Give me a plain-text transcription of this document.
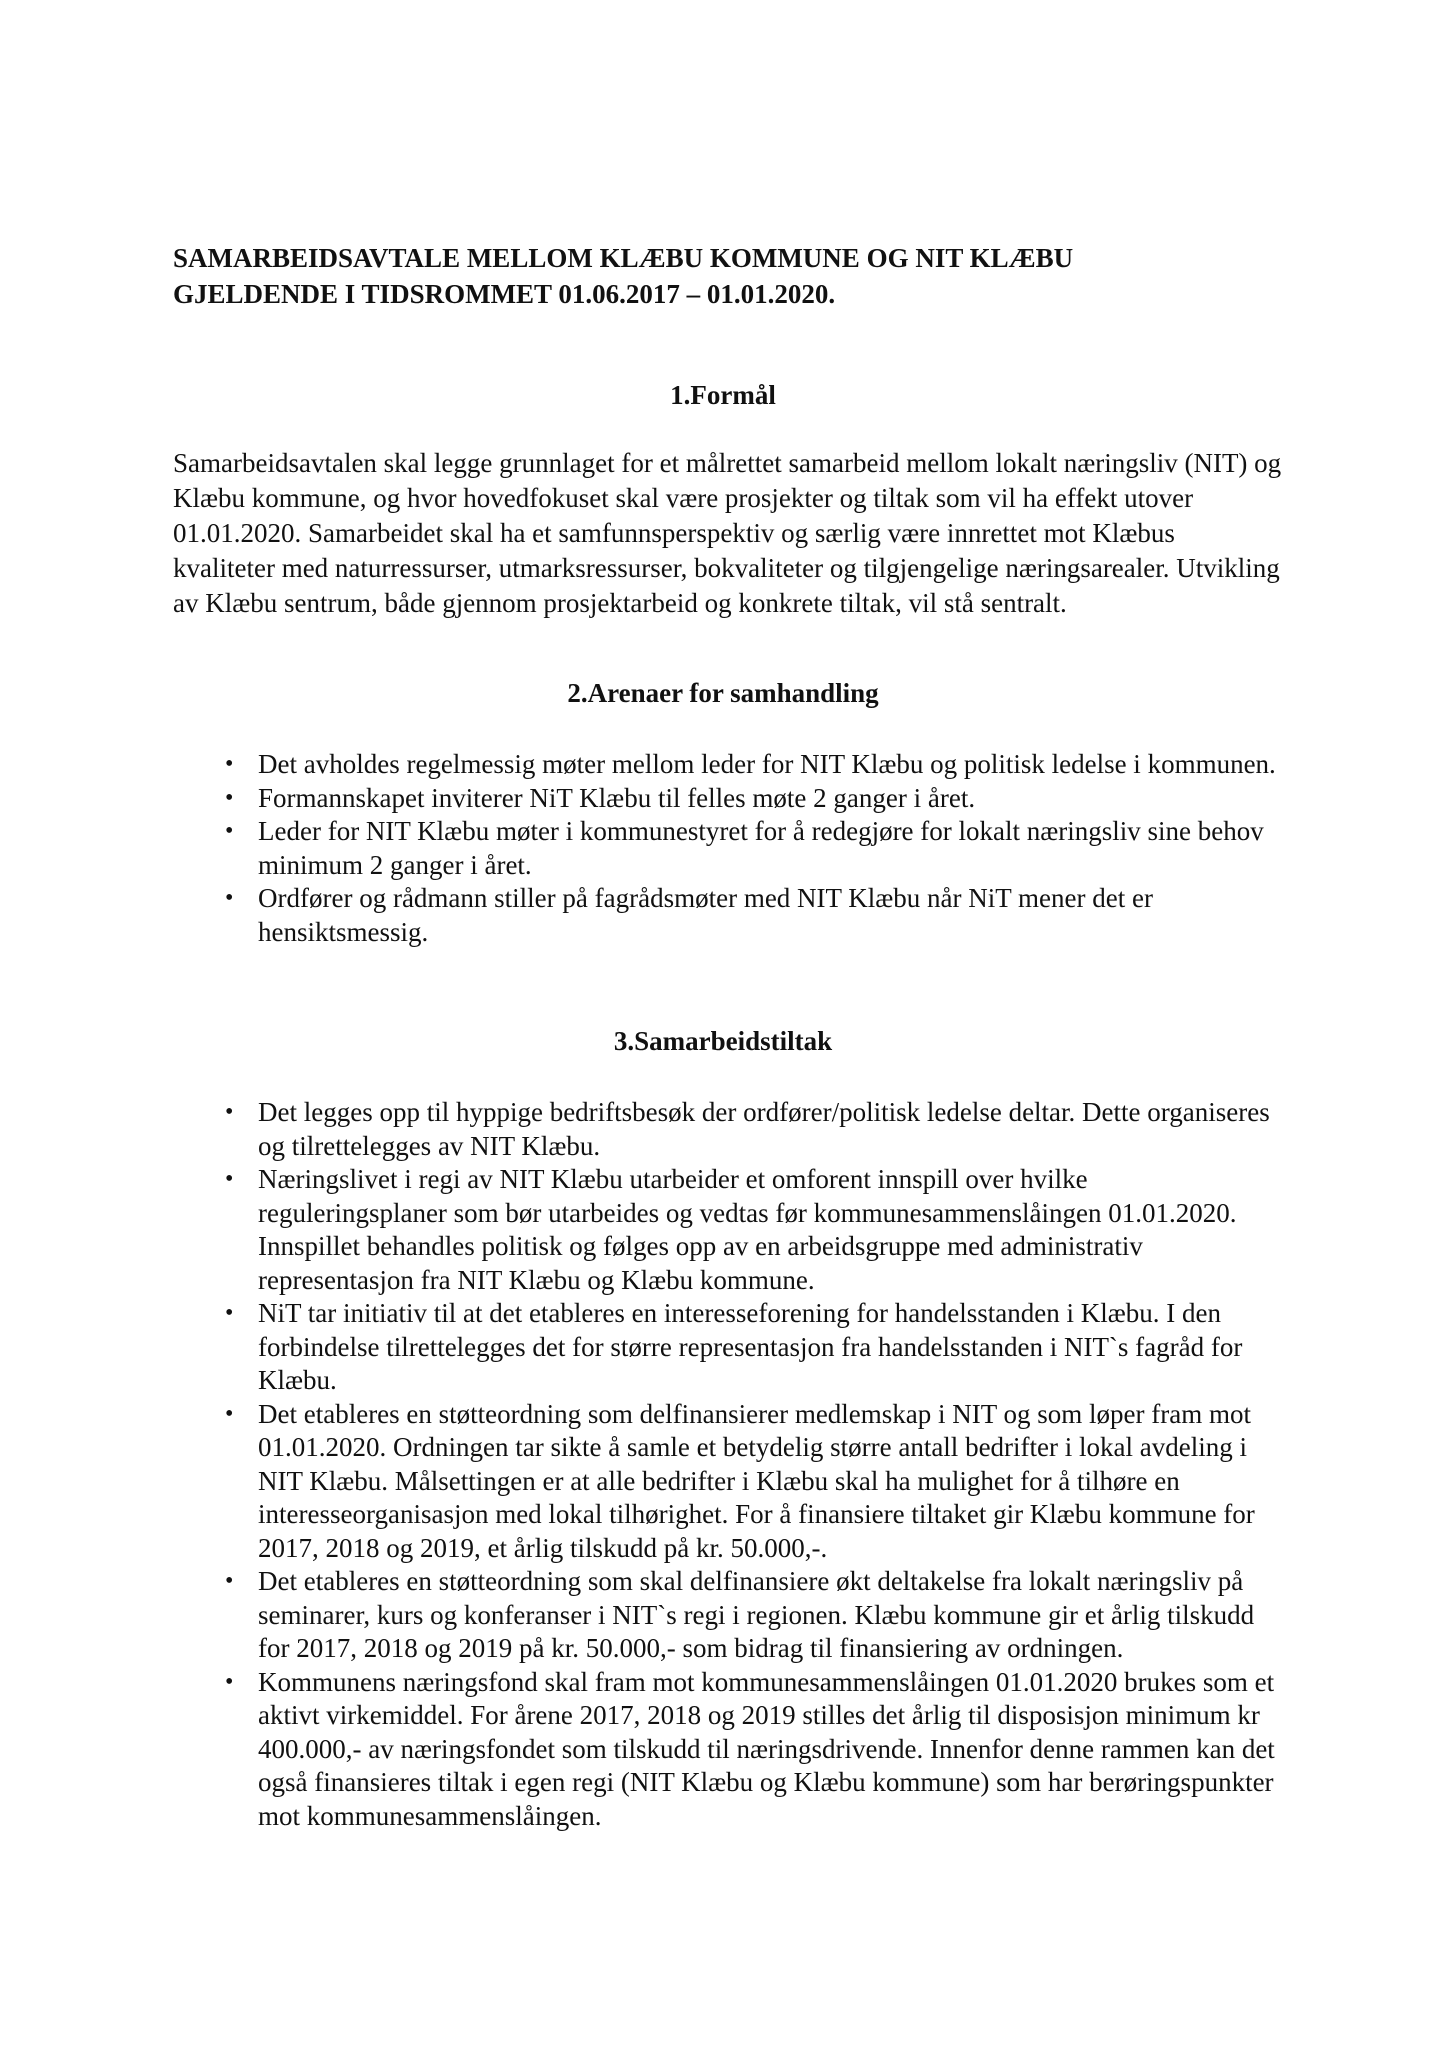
SAMARBEIDSAVTALE MELLOM KLÆBU KOMMUNE OG NIT KLÆBU
GJELDENDE I TIDSROMMET 01.06.2017 – 01.01.2020.
1.Formål

Samarbeidsavtalen skal legge grunnlaget for et målrettet samarbeid mellom lokalt næringsliv (NIT) og Klæbu kommune, og hvor hovedfokuset skal være prosjekter og tiltak som vil ha effekt utover 01.01.2020. Samarbeidet skal ha et samfunnsperspektiv og særlig være innrettet mot Klæbus kvaliteter med naturressurser, utmarksressurser, bokvaliteter og tilgjengelige næringsarealer. Utvikling av Klæbu sentrum, både gjennom prosjektarbeid og konkrete tiltak, vil stå sentralt.

2.Arenaer for samhandling
• Det avholdes regelmessig møter mellom leder for NIT Klæbu og politisk ledelse i kommunen.
• Formannskapet inviterer NiT Klæbu til felles møte 2 ganger i året.
• Leder for NIT Klæbu møter i kommunestyret for å redegjøre for lokalt næringsliv sine behov minimum 2 ganger i året.
• Ordfører og rådmann stiller på fagrådsmøter med NIT Klæbu når NiT mener det er hensiktsmessig.
3.Samarbeidstiltak
• Det legges opp til hyppige bedriftsbesøk der ordfører/politisk ledelse deltar. Dette organiseres og tilrettelegges av NIT Klæbu.
• Næringslivet i regi av NIT Klæbu utarbeider et omforent innspill over hvilke reguleringsplaner som bør utarbeides og vedtas før kommunesammenslåingen 01.01.2020. Innspillet behandles politisk og følges opp av en arbeidsgruppe med administrativ representasjon fra NIT Klæbu og Klæbu kommune.
• NiT tar initiativ til at det etableres en interesseforening for handelsstanden i Klæbu. I den forbindelse tilrettelegges det for større representasjon fra handelsstanden i NIT`s fagråd for Klæbu.
• Det etableres en støtteordning som delfinansierer medlemskap i NIT og som løper fram mot 01.01.2020. Ordningen tar sikte å samle et betydelig større antall bedrifter i lokal avdeling i NIT Klæbu. Målsettingen er at alle bedrifter i Klæbu skal ha mulighet for å tilhøre en interesseorganisasjon med lokal tilhørighet. For å finansiere tiltaket gir Klæbu kommune for 2017, 2018 og 2019, et årlig tilskudd på kr. 50.000,-.
• Det etableres en støtteordning som skal delfinansiere økt deltakelse fra lokalt næringsliv på seminarer, kurs og konferanser i NIT`s regi i regionen. Klæbu kommune gir et årlig tilskudd for 2017, 2018 og 2019 på kr. 50.000,- som bidrag til finansiering av ordningen.
• Kommunens næringsfond skal fram mot kommunesammenslåingen 01.01.2020 brukes som et aktivt virkemiddel. For årene 2017, 2018 og 2019 stilles det årlig til disposisjon minimum kr 400.000,- av næringsfondet som tilskudd til næringsdrivende. Innenfor denne rammen kan det også finansieres tiltak i egen regi (NIT Klæbu og Klæbu kommune) som har berøringspunkter mot kommunesammenslåingen.
